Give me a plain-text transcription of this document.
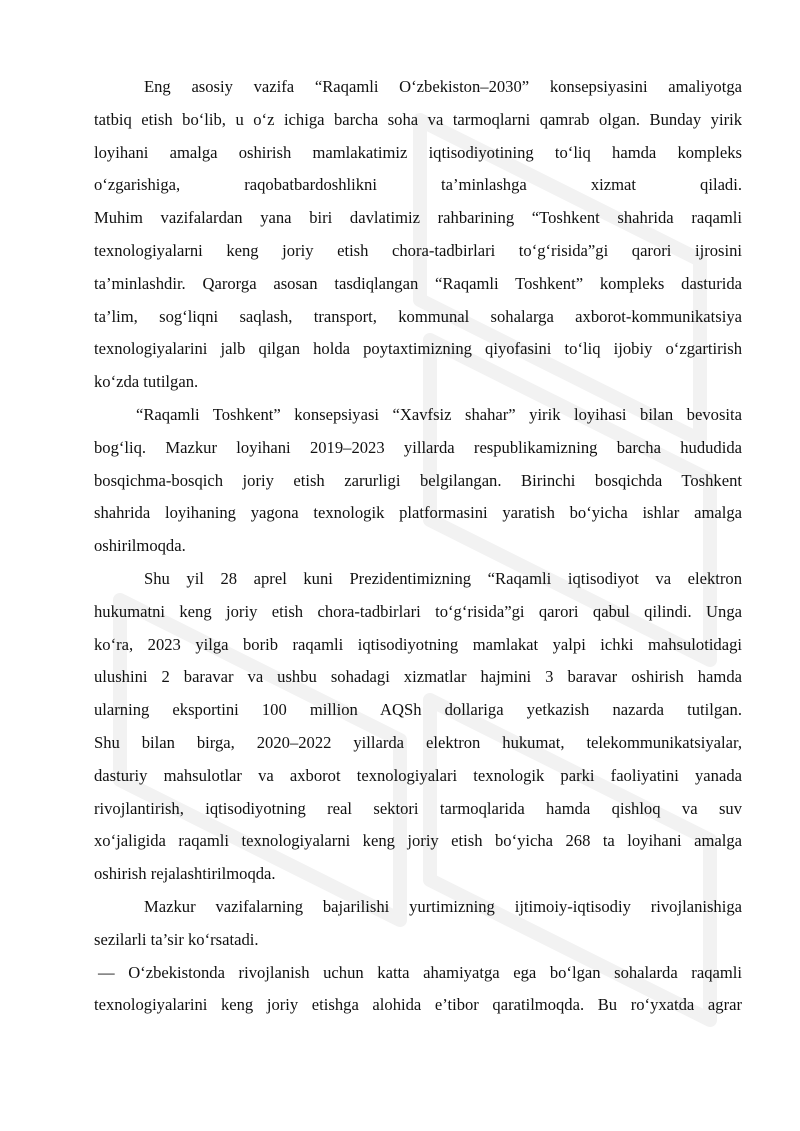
Eng asosiy vazifa “Raqamli O‘zbekiston–2030” konsepsiyasini amaliyotga
tatbiq etish bo‘lib, u o‘z ichiga barcha soha va tarmoqlarni qamrab olgan. Bunday yirik
loyihani amalga oshirish mamlakatimiz iqtisodiyotining to‘liq hamda kompleks
o‘zgarishiga, raqobatbardoshlikni ta’minlashga xizmat qiladi.
Muhim vazifalardan yana biri davlatimiz rahbarining “Toshkent shahrida raqamli
texnologiyalarni keng joriy etish chora-tadbirlari to‘g‘risida”gi qarori ijrosini
ta’minlashdir. Qarorga asosan tasdiqlangan “Raqamli Toshkent” kompleks dasturida
ta’lim, sog‘liqni saqlash, transport, kommunal sohalarga axborot-kommunikatsiya
texnologiyalarini jalb qilgan holda poytaxtimizning qiyofasini to‘liq ijobiy o‘zgartirish
ko‘zda tutilgan.
“Raqamli Toshkent” konsepsiyasi “Xavfsiz shahar” yirik loyihasi bilan bevosita
bog‘liq. Mazkur loyihani 2019–2023 yillarda respublikamizning barcha hududida
bosqichma-bosqich joriy etish zarurligi belgilangan. Birinchi bosqichda Toshkent
shahrida loyihaning yagona texnologik platformasini yaratish bo‘yicha ishlar amalga
oshirilmoqda.
Shu yil 28 aprel kuni Prezidentimizning “Raqamli iqtisodiyot va elektron
hukumatni keng joriy etish chora-tadbirlari to‘g‘risida”gi qarori qabul qilindi. Unga
ko‘ra, 2023 yilga borib raqamli iqtisodiyotning mamlakat yalpi ichki mahsulotidagi
ulushini 2 baravar va ushbu sohadagi xizmatlar hajmini 3 baravar oshirish hamda
ularning eksportini 100 million AQSh dollariga yetkazish nazarda tutilgan.
Shu bilan birga, 2020–2022 yillarda elektron hukumat, telekommunikatsiyalar,
dasturiy mahsulotlar va axborot texnologiyalari texnologik parki faoliyatini yanada
rivojlantirish, iqtisodiyotning real sektori tarmoqlarida hamda qishloq va suv
xo‘jaligida raqamli texnologiyalarni keng joriy etish bo‘yicha 268 ta loyihani amalga
oshirish rejalashtirilmoqda.
Mazkur vazifalarning bajarilishi yurtimizning ijtimoiy-iqtisodiy rivojlanishiga
sezilarli ta’sir ko‘rsatadi.
— O‘zbekistonda rivojlanish uchun katta ahamiyatga ega bo‘lgan sohalarda raqamli
texnologiyalarini keng joriy etishga alohida e’tibor qaratilmoqda. Bu ro‘yxatda agrar
